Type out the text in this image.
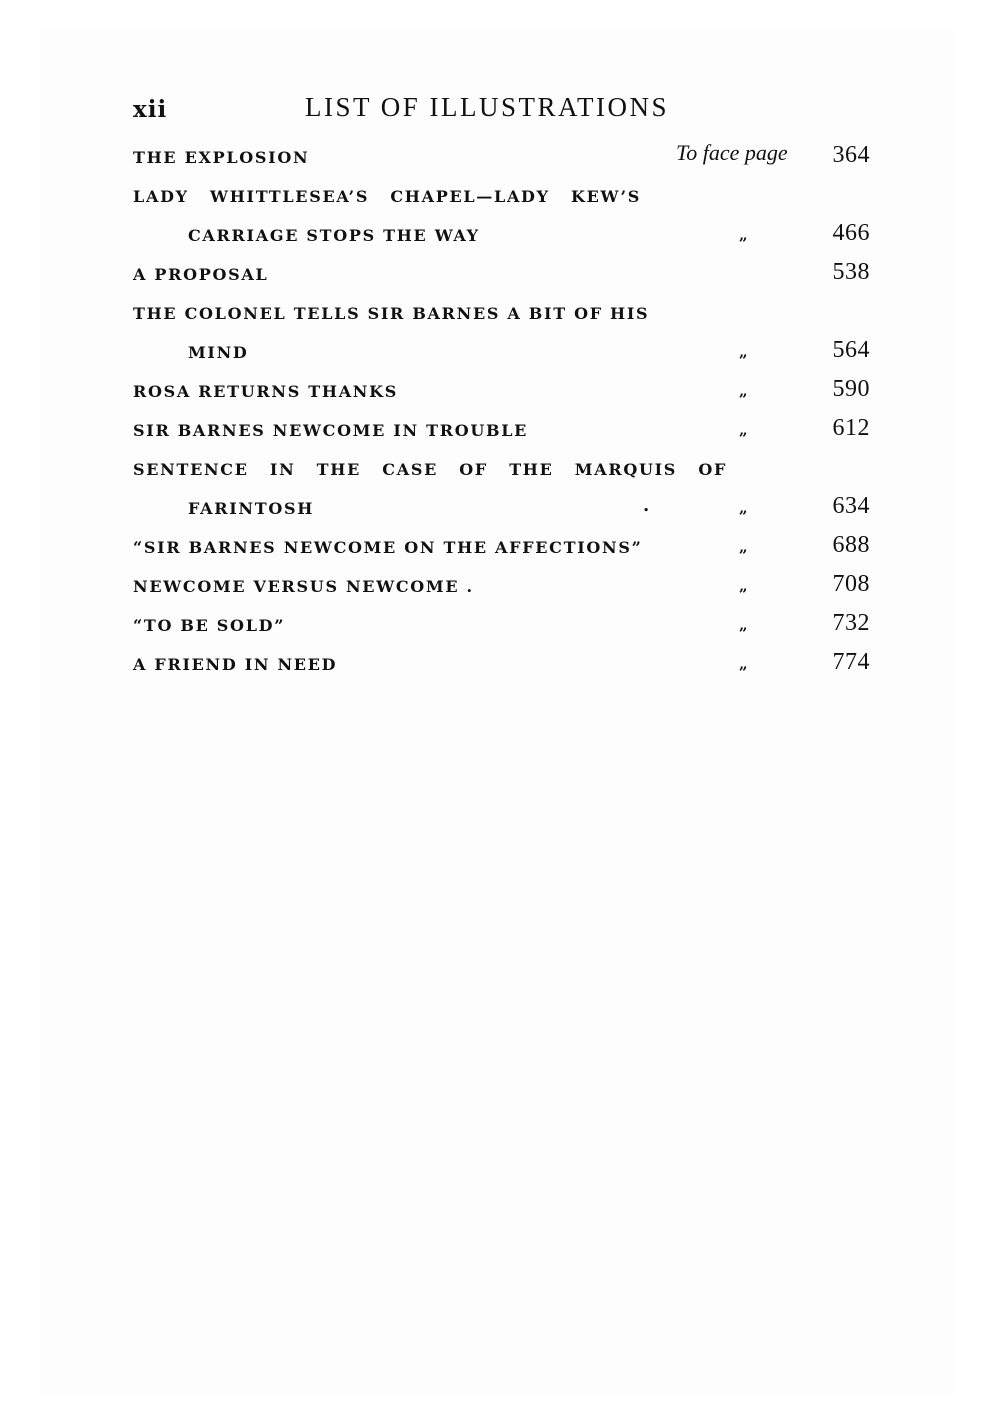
xii	LIST OF ILLUSTRATIONS
THE EXPLOSION	To face page 364
LADY WHITTLESEA’S CHAPEL—LADY KEW’S
CARRIAGE STOPS THE WAY	„	466
A PROPOSAL	538
THE COLONEL TELLS SIR BARNES A BIT OF HIS
MIND	„	564
ROSA RETURNS THANKS	„	590
SIR BARNES NEWCOME IN TROUBLE	„	612
SENTENCE IN THE CASE OF THE MARQUIS OF
FARINTOSH	.	„	634
“SIR BARNES NEWCOME ON THE AFFECTIONS”	„	688
NEWCOME VERSUS NEWCOME .	„	708
“TO BE SOLD”	„	732
A FRIEND IN NEED	„	774
